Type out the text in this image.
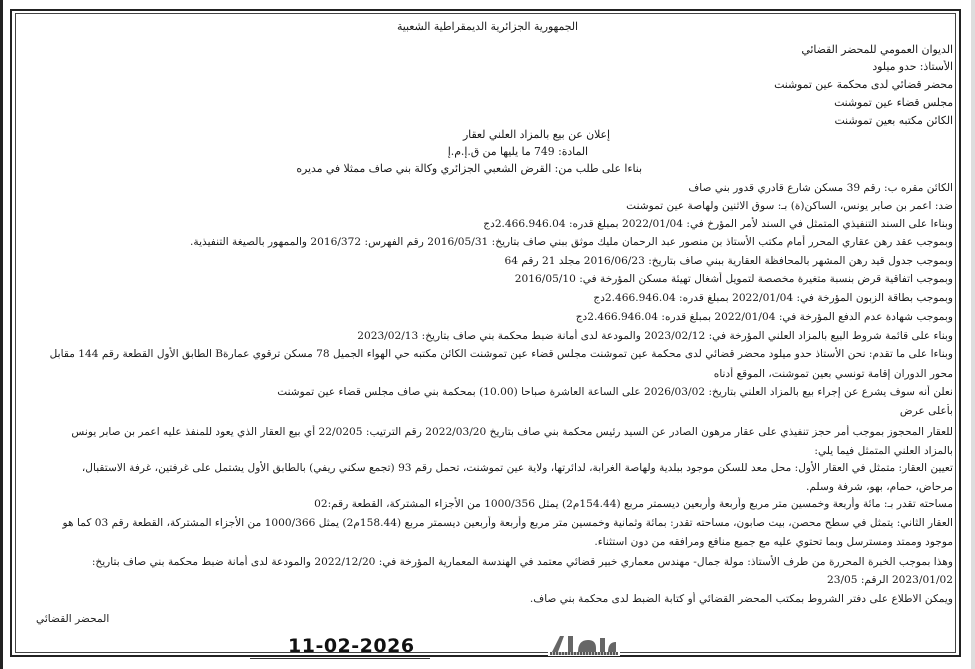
الجمهورية الجزائرية الديمقراطية الشعبية
الديوان العمومي للمحضر القضائي
الأستاذ: حدو ميلود
محضر قضائي لدى محكمة عين تموشنت
مجلس قضاء عين تموشنت
الكائن مكتبه بعين تموشنت
إعلان عن بيع بالمزاد العلني لعقار
المادة: 749 ما يليها من ق.إ.م.إ
بناءا على طلب من: القرض الشعبي الجزائري وكالة بني صاف ممثلا في مديره
الكائن مقره ب: رقم 39 مسكن شارع قادري قدور بني صاف
ضد: اعمر بن صابر يونس، الساكن(ة) بـ: سوق الاثنين ولهاصة عين تموشنت
وبناءا على السند التنفيذي المتمثل في السند لأمر المؤرخ في: 2022/01/04 بمبلغ قدره: 2.466.946.04دج
وبموجب عقد رهن عقاري المحرر أمام مكتب الأستاذ بن منصور عبد الرحمان مليك موثق ببني صاف بتاريخ: 2016/05/31 رقم الفهرس: 2016/372 والممهور بالصيغة التنفيذية.
وبموجب جدول قيد رهن المشهر بالمحافظة العقارية ببني صاف بتاريخ: 2016/06/23 مجلد 21 رقم 64
وبموجب اتفاقية قرض بنسبة متغيرة مخصصة لتمويل أشغال تهيئة مسكن المؤرخة في: 2016/05/10
وبموجب بطاقة الزبون المؤرخة في: 2022/01/04 بمبلغ قدره: 2.466.946.04دج
وبموجب شهادة عدم الدفع المؤرخة في: 2022/01/04 بمبلغ قدره: 2.466.946.04دج
وبناء على قائمة شروط البيع بالمزاد العلني المؤرخة في: 2023/02/12 والمودعة لدى أمانة ضبط محكمة بني صاف بتاريخ: 2023/02/13
وبناءا على ما تقدم: نحن الأستاذ حدو ميلود محضر قضائي لدى محكمة عين تموشنت مجلس قضاء عين تموشنت الكائن مكتبه حي الهواء الجميل 78 مسكن ترقوي عمارةB الطابق الأول القطعة رقم 144 مقابل
محور الدوران إقامة تونسي بعين تموشنت، الموقع أدناه
نعلن أنه سوف يشرع عن إجراء بيع بالمزاد العلني بتاريخ: 2026/03/02 على الساعة العاشرة صباحا (10.00) بمحكمة بني صاف مجلس قضاء عين تموشنت
بأعلى عرض
للعقار المحجوز بموجب أمر حجز تنفيذي على عقار مرهون الصادر عن السيد رئيس محكمة بني صاف بتاريخ 2022/03/20 رقم الترتيب: 22/0205 أي بيع العقار الذي يعود للمنفذ عليه اعمر بن صابر يونس
بالمزاد العلني المتمثل فيما يلي:
تعيين العقار: متمثل في العقار الأول: محل معد للسكن موجود ببلدية ولهاصة الغرابة، لدائرتها، ولاية عين تموشنت، تحمل رقم 93 (تجمع سكني ريفي) بالطابق الأول يشتمل على غرفتين، غرفة الاستقبال،
مرحاض، حمام، بهو، شرفة وسلم.
مساحته تقدر بـ: مائة وأربعة وخمسين متر مربع وأربعة وأربعين ديسمتر مربع (154.44م2) يمثل 1000/356 من الأجزاء المشتركة، القطعة رقم:02
العقار الثاني: يتمثل في سطح محصن، بيت صابون، مساحته تقدر: بمائة وثمانية وخمسين متر مربع وأربعة وأربعين ديسمتر مربع (158.44م2) يمثل 1000/366 من الأجزاء المشتركة، القطعة رقم 03 كما هو
موجود وممتد ومسترسل وبما تحتوي عليه مع جميع منافع ومرافقه من دون استثناء.
وهذا بموجب الخبرة المحررة من طرف الأستاذ: مولة جمال- مهندس معماري خبير قضائي معتمد في الهندسة المعمارية المؤرخة في: 2022/12/20 والمودعة لدى أمانة ضبط محكمة بني صاف بتاريخ:
2023/01/02 الرقم: 23/05
ويمكن الاطلاع على دفتر الشروط بمكتب المحضر القضائي أو كتابة الضبط لدى محكمة بني صاف.
المحضر القضائي
11-02-2026
